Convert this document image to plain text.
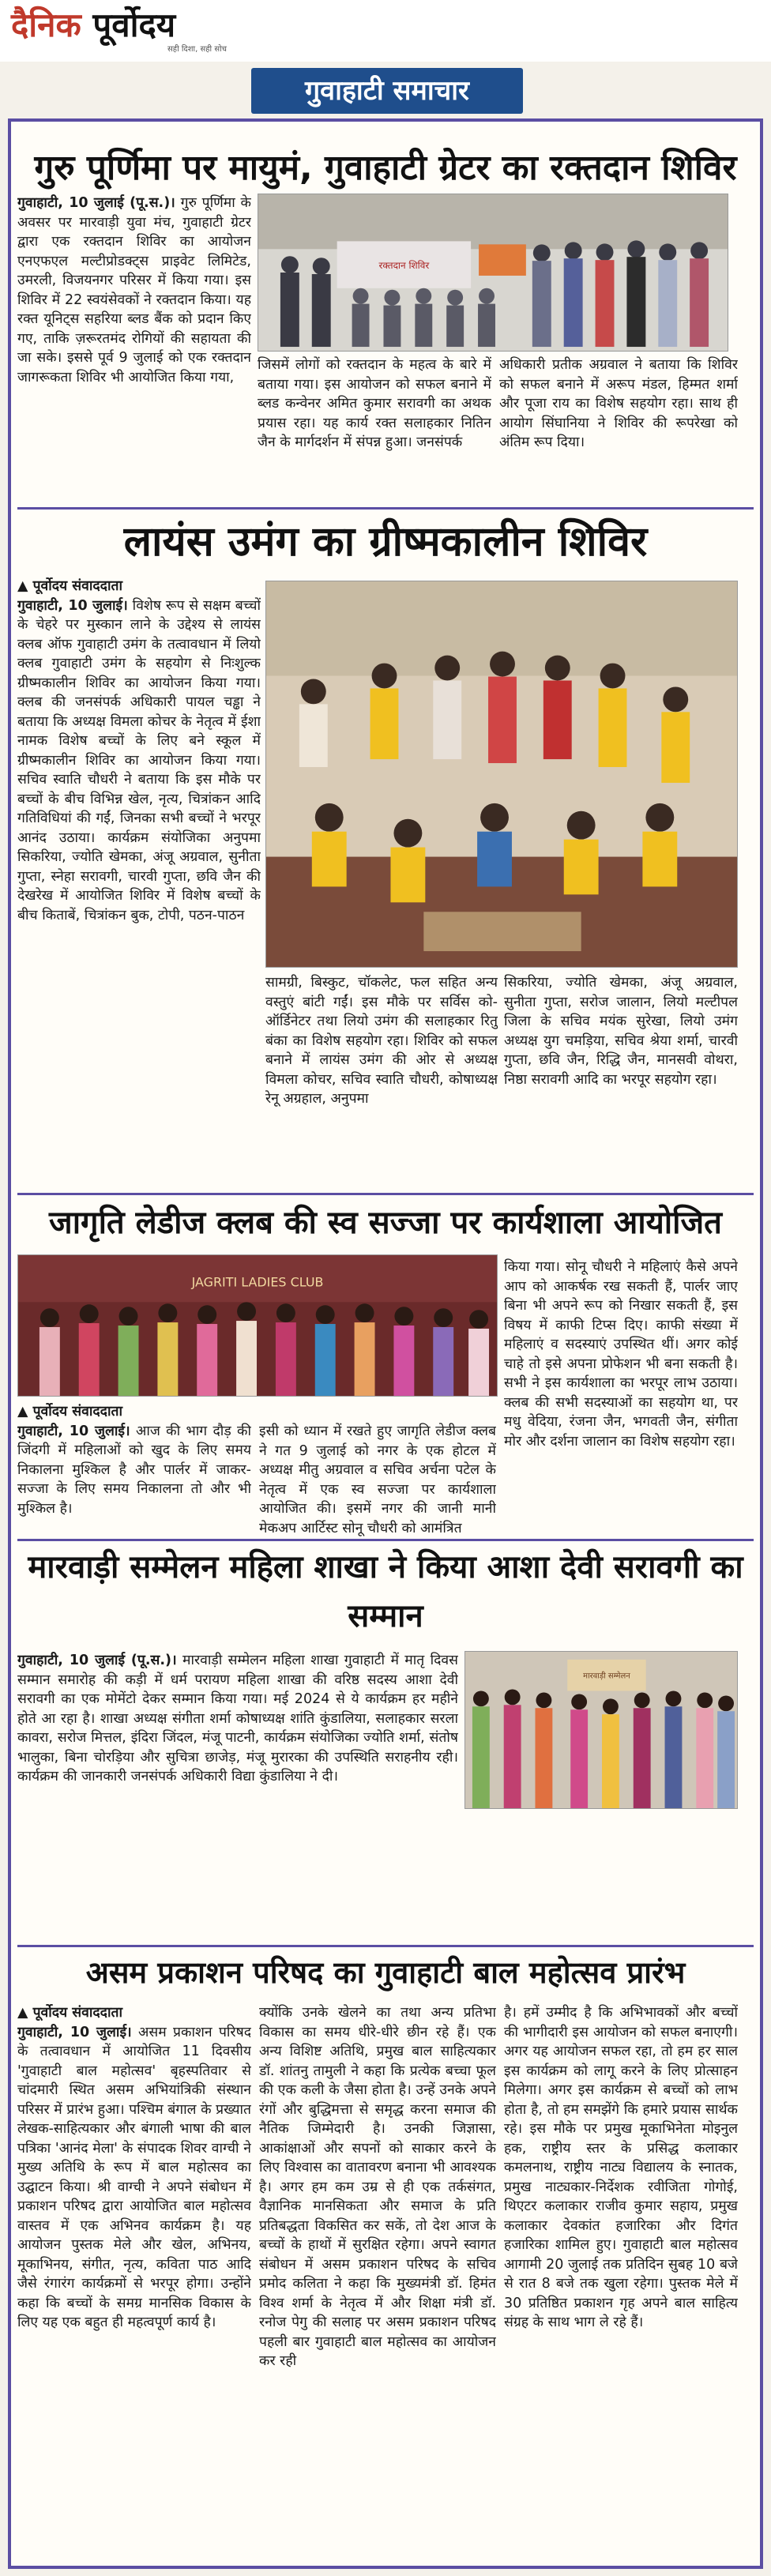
दैनिक पूर्वोदय
सही दिशा, सही सोच
गुवाहाटी समाचार
गुरु पूर्णिमा पर मायुमं, गुवाहाटी ग्रेटर का रक्तदान शिविर
रक्तदान शिविर
गुवाहाटी, 10 जुलाई (पू.स.)। गुरु पूर्णिमा के अवसर पर मारवाड़ी युवा मंच, गुवाहाटी ग्रेटर द्वारा एक रक्तदान शिविर का आयोजन एनएफएल मल्टीप्रोडक्ट्स प्राइवेट लिमिटेड, उमरली, विजयनगर परिसर में किया गया। इस शिविर में 22 स्वयंसेवकों ने रक्तदान किया। यह रक्त यूनिट्स सहरिया ब्लड बैंक को प्रदान किए गए, ताकि ज़रूरतमंद रोगियों की सहायता की जा सके। इससे पूर्व 9 जुलाई को एक रक्तदान जागरूकता शिविर भी आयोजित किया गया,
जिसमें लोगों को रक्तदान के महत्व के बारे में बताया गया। इस आयोजन को सफल बनाने में ब्लड कन्वेनर अमित कुमार सरावगी का अथक प्रयास रहा। यह कार्य रक्त सलाहकार नितिन जैन के मार्गदर्शन में संपन्न हुआ। जनसंपर्क
अधिकारी प्रतीक अग्रवाल ने बताया कि शिविर को सफल बनाने में अरूप मंडल, हिम्मत शर्मा और पूजा राय का विशेष सहयोग रहा। साथ ही आयोग सिंघानिया ने शिविर की रूपरेखा को अंतिम रूप दिया।
लायंस उमंग का ग्रीष्मकालीन शिविर
▲ पूर्वोदय संवाददाता
गुवाहाटी, 10 जुलाई। विशेष रूप से सक्षम बच्चों के चेहरे पर मुस्कान लाने के उद्देश्य से लायंस क्लब ऑफ गुवाहाटी उमंग के तत्वावधान में लियो क्लब गुवाहाटी उमंग के सहयोग से निःशुल्क ग्रीष्मकालीन शिविर का आयोजन किया गया। क्लब की जनसंपर्क अधिकारी पायल चड्ढा ने बताया कि अध्यक्ष विमला कोचर के नेतृत्व में ईशा नामक विशेष बच्चों के लिए बने स्कूल में ग्रीष्मकालीन शिविर का आयोजन किया गया। सचिव स्वाति चौधरी ने बताया कि इस मौके पर बच्चों के बीच विभिन्न खेल, नृत्य, चित्रांकन आदि गतिविधियां की गईं, जिनका सभी बच्चों ने भरपूर आनंद उठाया। कार्यक्रम संयोजिका अनुपमा सिकरिया, ज्योति खेमका, अंजू अग्रवाल, सुनीता गुप्ता, स्नेहा सरावगी, चारवी गुप्ता, छवि जैन की देखरेख में आयोजित शिविर में विशेष बच्चों के बीच किताबें, चित्रांकन बुक, टोपी, पठन-पाठन
सामग्री, बिस्कुट, चॉकलेट, फल सहित अन्य वस्तुएं बांटी गईं। इस मौके पर सर्विस को-ऑर्डिनेटर तथा लियो उमंग की सलाहकार रितु बंका का विशेष सहयोग रहा। शिविर को सफल बनाने में लायंस उमंग की ओर से अध्यक्ष विमला कोचर, सचिव स्वाति चौधरी, कोषाध्यक्ष रेनू अग्रहाल, अनुपमा
सिकरिया, ज्योति खेमका, अंजू अग्रवाल, सुनीता गुप्ता, सरोज जालान, लियो मल्टीपल जिला के सचिव मयंक सुरेखा, लियो उमंग अध्यक्ष युग चमड़िया, सचिव श्रेया शर्मा, चारवी गुप्ता, छवि जैन, रिद्धि जैन, मानसवी वोथरा, निष्ठा सरावगी आदि का भरपूर सहयोग रहा।
जागृति लेडीज क्लब की स्व सज्जा पर कार्यशाला आयोजित
JAGRITI LADIES CLUB
▲ पूर्वोदय संवाददाता
गुवाहाटी, 10 जुलाई। आज की भाग दौड़ की जिंदगी में महिलाओं को खुद के लिए समय निकालना मुश्किल है और पार्लर में जाकर-सज्जा के लिए समय निकालना तो और भी मुश्किल है।
इसी को ध्यान में रखते हुए जागृति लेडीज क्लब ने गत 9 जुलाई को नगर के एक होटल में अध्यक्ष मीतु अग्रवाल व सचिव अर्चना पटेल के नेतृत्व में एक स्व सज्जा पर कार्यशाला आयोजित की। इसमें नगर की जानी मानी मेकअप आर्टिस्ट सोनू चौधरी को आमंत्रित
किया गया। सोनू चौधरी ने महिलाएं कैसे अपने आप को आकर्षक रख सकती हैं, पार्लर जाए बिना भी अपने रूप को निखार सकती हैं, इस विषय में काफी टिप्स दिए। काफी संख्या में महिलाएं व सदस्याएं उपस्थित थीं। अगर कोई चाहे तो इसे अपना प्रोफेशन भी बना सकती है। सभी ने इस कार्यशाला का भरपूर लाभ उठाया। क्लब की सभी सदस्याओं का सहयोग था, पर मधु वेदिया, रंजना जैन, भगवती जैन, संगीता मोर और दर्शना जालान का विशेष सहयोग रहा।
मारवाड़ी सम्मेलन महिला शाखा ने किया आशा देवी सरावगी का सम्मान
मारवाड़ी सम्मेलन
गुवाहाटी, 10 जुलाई (पू.स.)। मारवाड़ी सम्मेलन महिला शाखा गुवाहाटी में मातृ दिवस सम्मान समारोह की कड़ी में धर्म परायण महिला शाखा की वरिष्ठ सदस्य आशा देवी सरावगी का एक मोमेंटो देकर सम्मान किया गया। मई 2024 से ये कार्यक्रम हर महीने होते आ रहा है। शाखा अध्यक्ष संगीता शर्मा कोषाध्यक्ष शांति कुंडालिया, सलाहकार सरला कावरा, सरोज मित्तल, इंदिरा जिंदल, मंजू पाटनी, कार्यक्रम संयोजिका ज्योति शर्मा, संतोष भालुका, बिना चोरड़िया और सुचित्रा छाजेड़, मंजू मुरारका की उपस्थिति सराहनीय रही। कार्यक्रम की जानकारी जनसंपर्क अधिकारी विद्या कुंडालिया ने दी।
असम प्रकाशन परिषद का गुवाहाटी बाल महोत्सव प्रारंभ
▲ पूर्वोदय संवाददाता
गुवाहाटी, 10 जुलाई। असम प्रकाशन परिषद के तत्वावधान में आयोजित 11 दिवसीय 'गुवाहाटी बाल महोत्सव' बृहस्पतिवार से चांदमारी स्थित असम अभियांत्रिकी संस्थान परिसर में प्रारंभ हुआ। पश्चिम बंगाल के प्रख्यात लेखक-साहित्यकार और बंगाली भाषा की बाल पत्रिका 'आनंद मेला' के संपादक शिवर वाग्ची ने मुख्य अतिथि के रूप में बाल महोत्सव का उद्घाटन किया। श्री वाग्ची ने अपने संबोधन में प्रकाशन परिषद द्वारा आयोजित बाल महोत्सव वास्तव में एक अभिनव कार्यक्रम है। यह आयोजन पुस्तक मेले और खेल, अभिनय, मूकाभिनय, संगीत, नृत्य, कविता पाठ आदि जैसे रंगारंग कार्यक्रमों से भरपूर होगा। उन्होंने कहा कि बच्चों के समग्र मानसिक विकास के लिए यह एक बहुत ही महत्वपूर्ण कार्य है।
क्योंकि उनके खेलने का तथा अन्य प्रतिभा विकास का समय धीरे-धीरे छीन रहे हैं। एक अन्य विशिष्ट अतिथि, प्रमुख बाल साहित्यकार डॉ. शांतनु तामुली ने कहा कि प्रत्येक बच्चा फूल की एक कली के जैसा होता है। उन्हें उनके अपने रंगों और बुद्धिमत्ता से समृद्ध करना समाज की नैतिक जिम्मेदारी है। उनकी जिज्ञासा, आकांक्षाओं और सपनों को साकार करने के लिए विश्वास का वातावरण बनाना भी आवश्यक है। अगर हम कम उम्र से ही एक तर्कसंगत, वैज्ञानिक मानसिकता और समाज के प्रति प्रतिबद्धता विकसित कर सकें, तो देश आज के बच्चों के हाथों में सुरक्षित रहेगा। अपने स्वागत संबोधन में असम प्रकाशन परिषद के सचिव प्रमोद कलिता ने कहा कि मुख्यमंत्री डॉ. हिमंत विश्व शर्मा के नेतृत्व में और शिक्षा मंत्री डॉ. रनोज पेगु की सलाह पर असम प्रकाशन परिषद पहली बार गुवाहाटी बाल महोत्सव का आयोजन कर रही
है। हमें उम्मीद है कि अभिभावकों और बच्चों की भागीदारी इस आयोजन को सफल बनाएगी। अगर यह आयोजन सफल रहा, तो हम हर साल इस कार्यक्रम को लागू करने के लिए प्रोत्साहन मिलेगा। अगर इस कार्यक्रम से बच्चों को लाभ होता है, तो हम समझेंगे कि हमारे प्रयास सार्थक रहे। इस मौके पर प्रमुख मूकाभिनेता मोइनुल हक, राष्ट्रीय स्तर के प्रसिद्ध कलाकार कमलनाथ, राष्ट्रीय नाट्य विद्यालय के स्नातक, प्रमुख नाट्यकार-निर्देशक रवीजिता गोगोई, थिएटर कलाकार राजीव कुमार सहाय, प्रमुख कलाकार देवकांत हजारिका और दिगंत हजारिका शामिल हुए। गुवाहाटी बाल महोत्सव आगामी 20 जुलाई तक प्रतिदिन सुबह 10 बजे से रात 8 बजे तक खुला रहेगा। पुस्तक मेले में 30 प्रतिष्ठित प्रकाशन गृह अपने बाल साहित्य संग्रह के साथ भाग ले रहे हैं।
